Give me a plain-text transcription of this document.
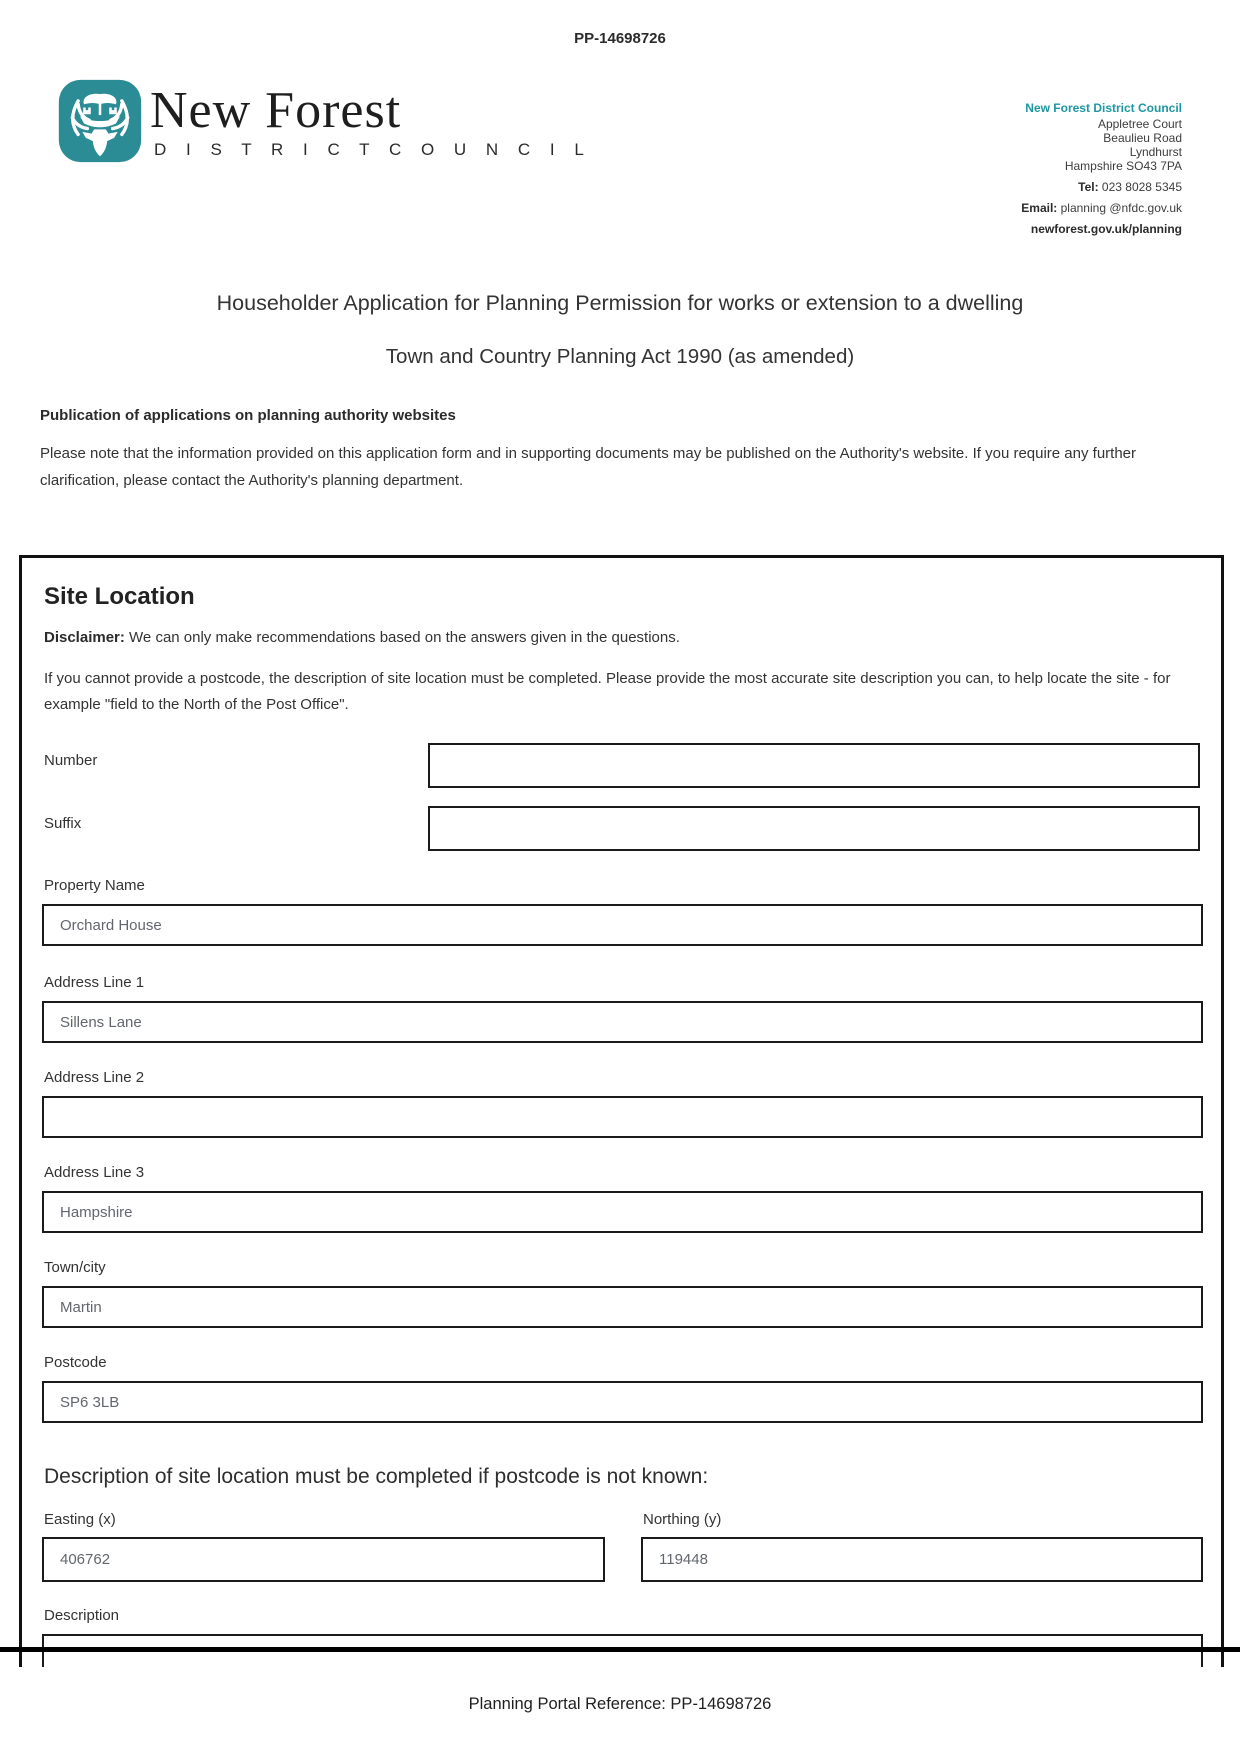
PP-14698726
New Forest
D I S T R I C T C O U N C I L
New Forest District Council
Appletree Court
Beaulieu Road
Lyndhurst
Hampshire SO43 7PA
Tel: 023 8028 5345
Email: planning @nfdc.gov.uk
newforest.gov.uk/planning
Householder Application for Planning Permission for works or extension to a dwelling
Town and Country Planning Act 1990 (as amended)
Publication of applications on planning authority websites
Please note that the information provided on this application form and in supporting documents may be published on the Authority's website. If you require any further clarification, please contact the Authority's planning department.
Site Location
Disclaimer: We can only make recommendations based on the answers given in the questions.
If you cannot provide a postcode, the description of site location must be completed. Please provide the most accurate site description you can, to help locate the site - for example "field to the North of the Post Office".
Number
Suffix
Property Name
Orchard House
Address Line 1
Sillens Lane
Address Line 2
Address Line 3
Hampshire
Town/city
Martin
Postcode
SP6 3LB
Description of site location must be completed if postcode is not known:
Easting (x)
406762	Northing (y)
119448
Description
Planning Portal Reference: PP-14698726
